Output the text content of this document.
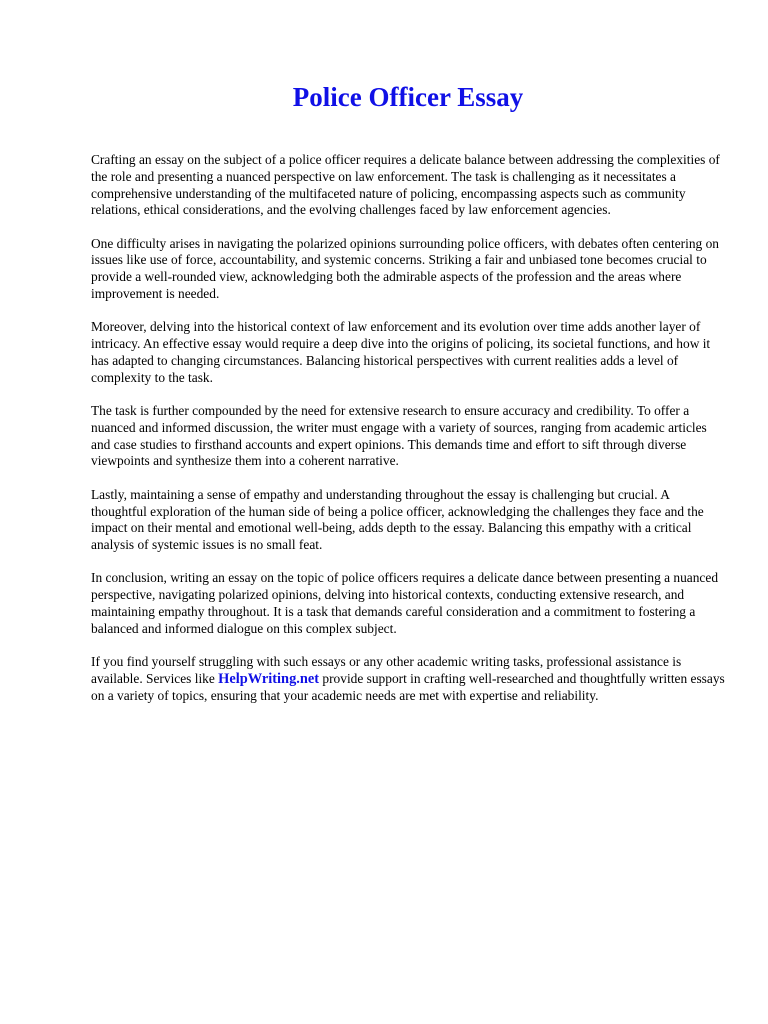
Police Officer Essay

Crafting an essay on the subject of a police officer requires a delicate balance between addressing the complexities of the role and presenting a nuanced perspective on law enforcement. The task is challenging as it necessitates a comprehensive understanding of the multifaceted nature of policing, encompassing aspects such as community relations, ethical considerations, and the evolving challenges faced by law enforcement agencies.

One difficulty arises in navigating the polarized opinions surrounding police officers, with debates often centering on issues like use of force, accountability, and systemic concerns. Striking a fair and unbiased tone becomes crucial to provide a well-rounded view, acknowledging both the admirable aspects of the profession and the areas where improvement is needed.

Moreover, delving into the historical context of law enforcement and its evolution over time adds another layer of intricacy. An effective essay would require a deep dive into the origins of policing, its societal functions, and how it has adapted to changing circumstances. Balancing historical perspectives with current realities adds a level of complexity to the task.

The task is further compounded by the need for extensive research to ensure accuracy and credibility. To offer a nuanced and informed discussion, the writer must engage with a variety of sources, ranging from academic articles and case studies to firsthand accounts and expert opinions. This demands time and effort to sift through diverse viewpoints and synthesize them into a coherent narrative.

Lastly, maintaining a sense of empathy and understanding throughout the essay is challenging but crucial. A thoughtful exploration of the human side of being a police officer, acknowledging the challenges they face and the impact on their mental and emotional well-being, adds depth to the essay. Balancing this empathy with a critical analysis of systemic issues is no small feat.

In conclusion, writing an essay on the topic of police officers requires a delicate dance between presenting a nuanced perspective, navigating polarized opinions, delving into historical contexts, conducting extensive research, and maintaining empathy throughout. It is a task that demands careful consideration and a commitment to fostering a balanced and informed dialogue on this complex subject.

If you find yourself struggling with such essays or any other academic writing tasks, professional assistance is available. Services like HelpWriting.net provide support in crafting well-researched and thoughtfully written essays on a variety of topics, ensuring that your academic needs are met with expertise and reliability.
